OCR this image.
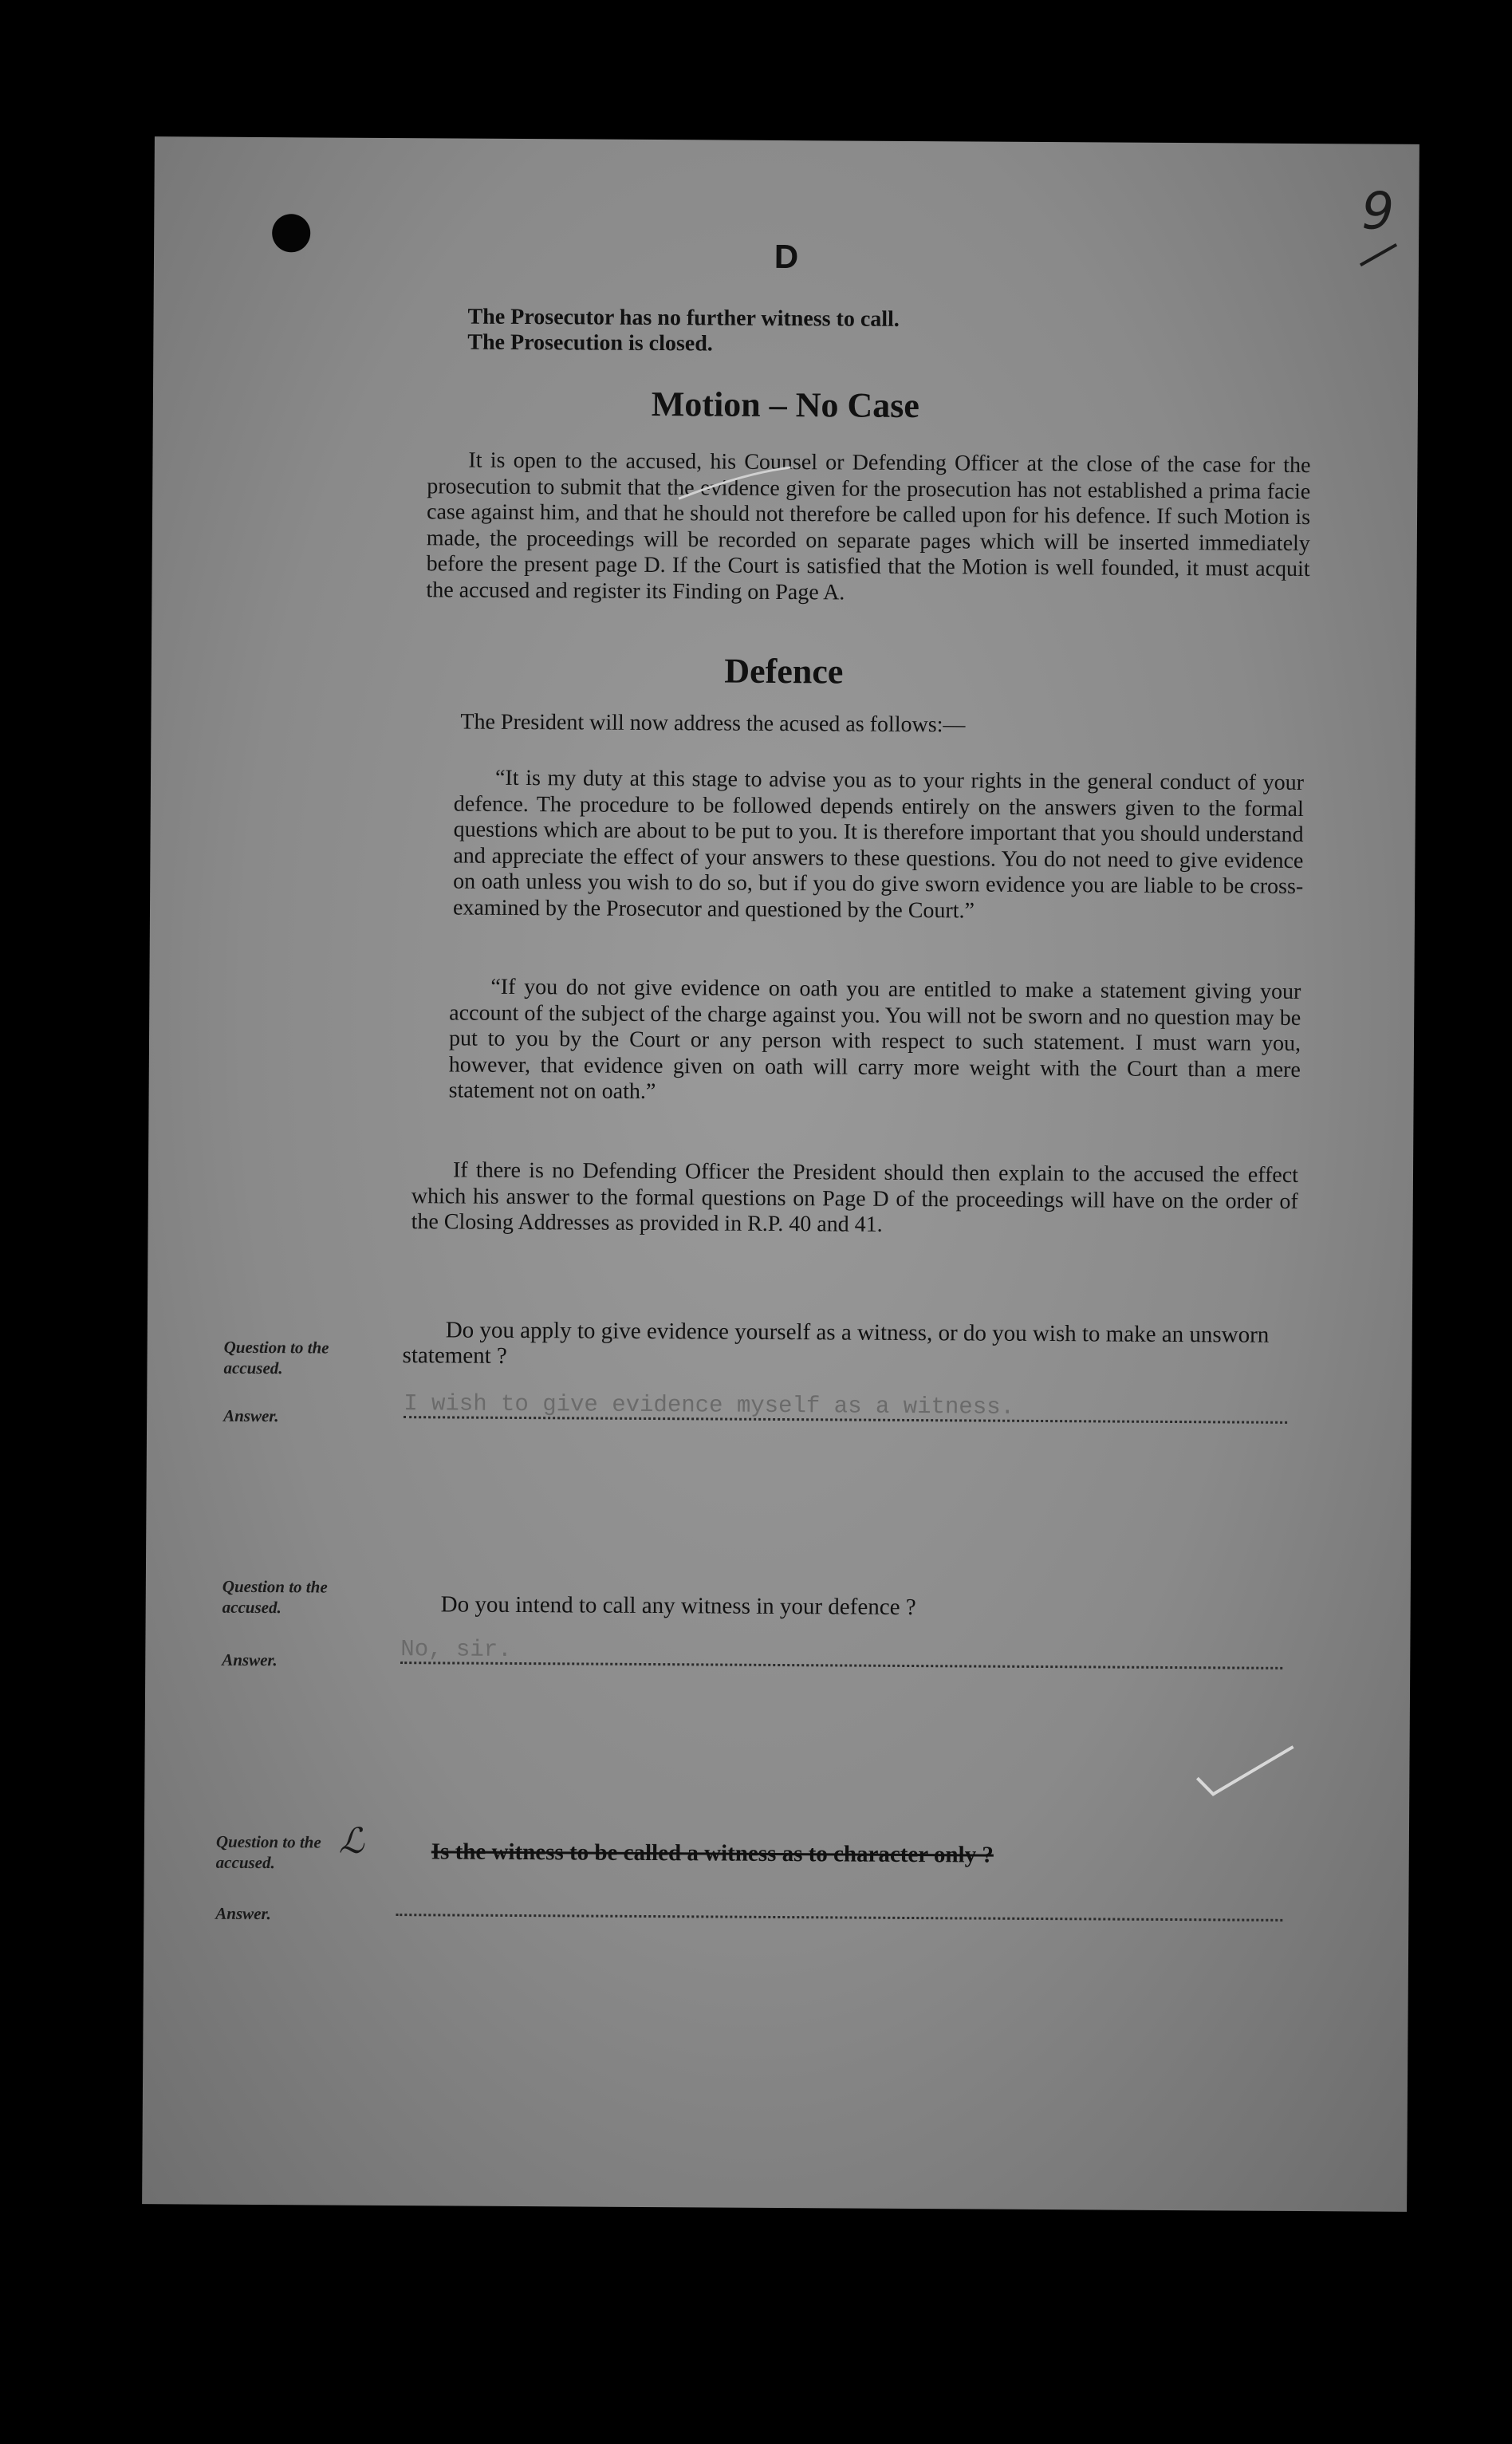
9
D
The Prosecutor has no further witness to call.
The Prosecution is closed.
Motion – No Case
It is open to the accused, his Counsel or Defending Officer at the close of the case for the prosecution to submit that the evidence given for the prosecution has not established a prima facie case against him, and that he should not therefore be called upon for his defence. If such Motion is made, the proceedings will be recorded on separate pages which will be inserted immediately before the present page D. If the Court is satisfied that the Motion is well founded, it must acquit the accused and register its Finding on Page A.
Defence
The President will now address the acused as follows:—
“It is my duty at this stage to advise you as to your rights in the general conduct of your defence. The procedure to be followed depends entirely on the answers given to the formal questions which are about to be put to you. It is therefore important that you should understand and appreciate the effect of your answers to these questions. You do not need to give evidence on oath unless you wish to do so, but if you do give sworn evidence you are liable to be cross-examined by the Prosecutor and questioned by the Court.”
“If you do not give evidence on oath you are entitled to make a statement giving your account of the subject of the charge against you. You will not be sworn and no question may be put to you by the Court or any person with respect to such statement. I must warn you, however, that evidence given on oath will carry more weight with the Court than a mere statement not on oath.”
If there is no Defending Officer the President should then explain to the accused the effect which his answer to the formal questions on Page D of the proceedings will have on the order of the Closing Addresses as provided in R.P. 40 and 41.
Question to the accused.
Answer.
Do you apply to give evidence yourself as a witness, or do you wish to make an unsworn statement ?
I wish to give evidence myself as a witness.
Question to the accused.
Answer.
Do you intend to call any witness in your defence ?
No, sir.
Question to the accused.
Answer.
ℒ	Is the witness to be called a witness as to character only ?
